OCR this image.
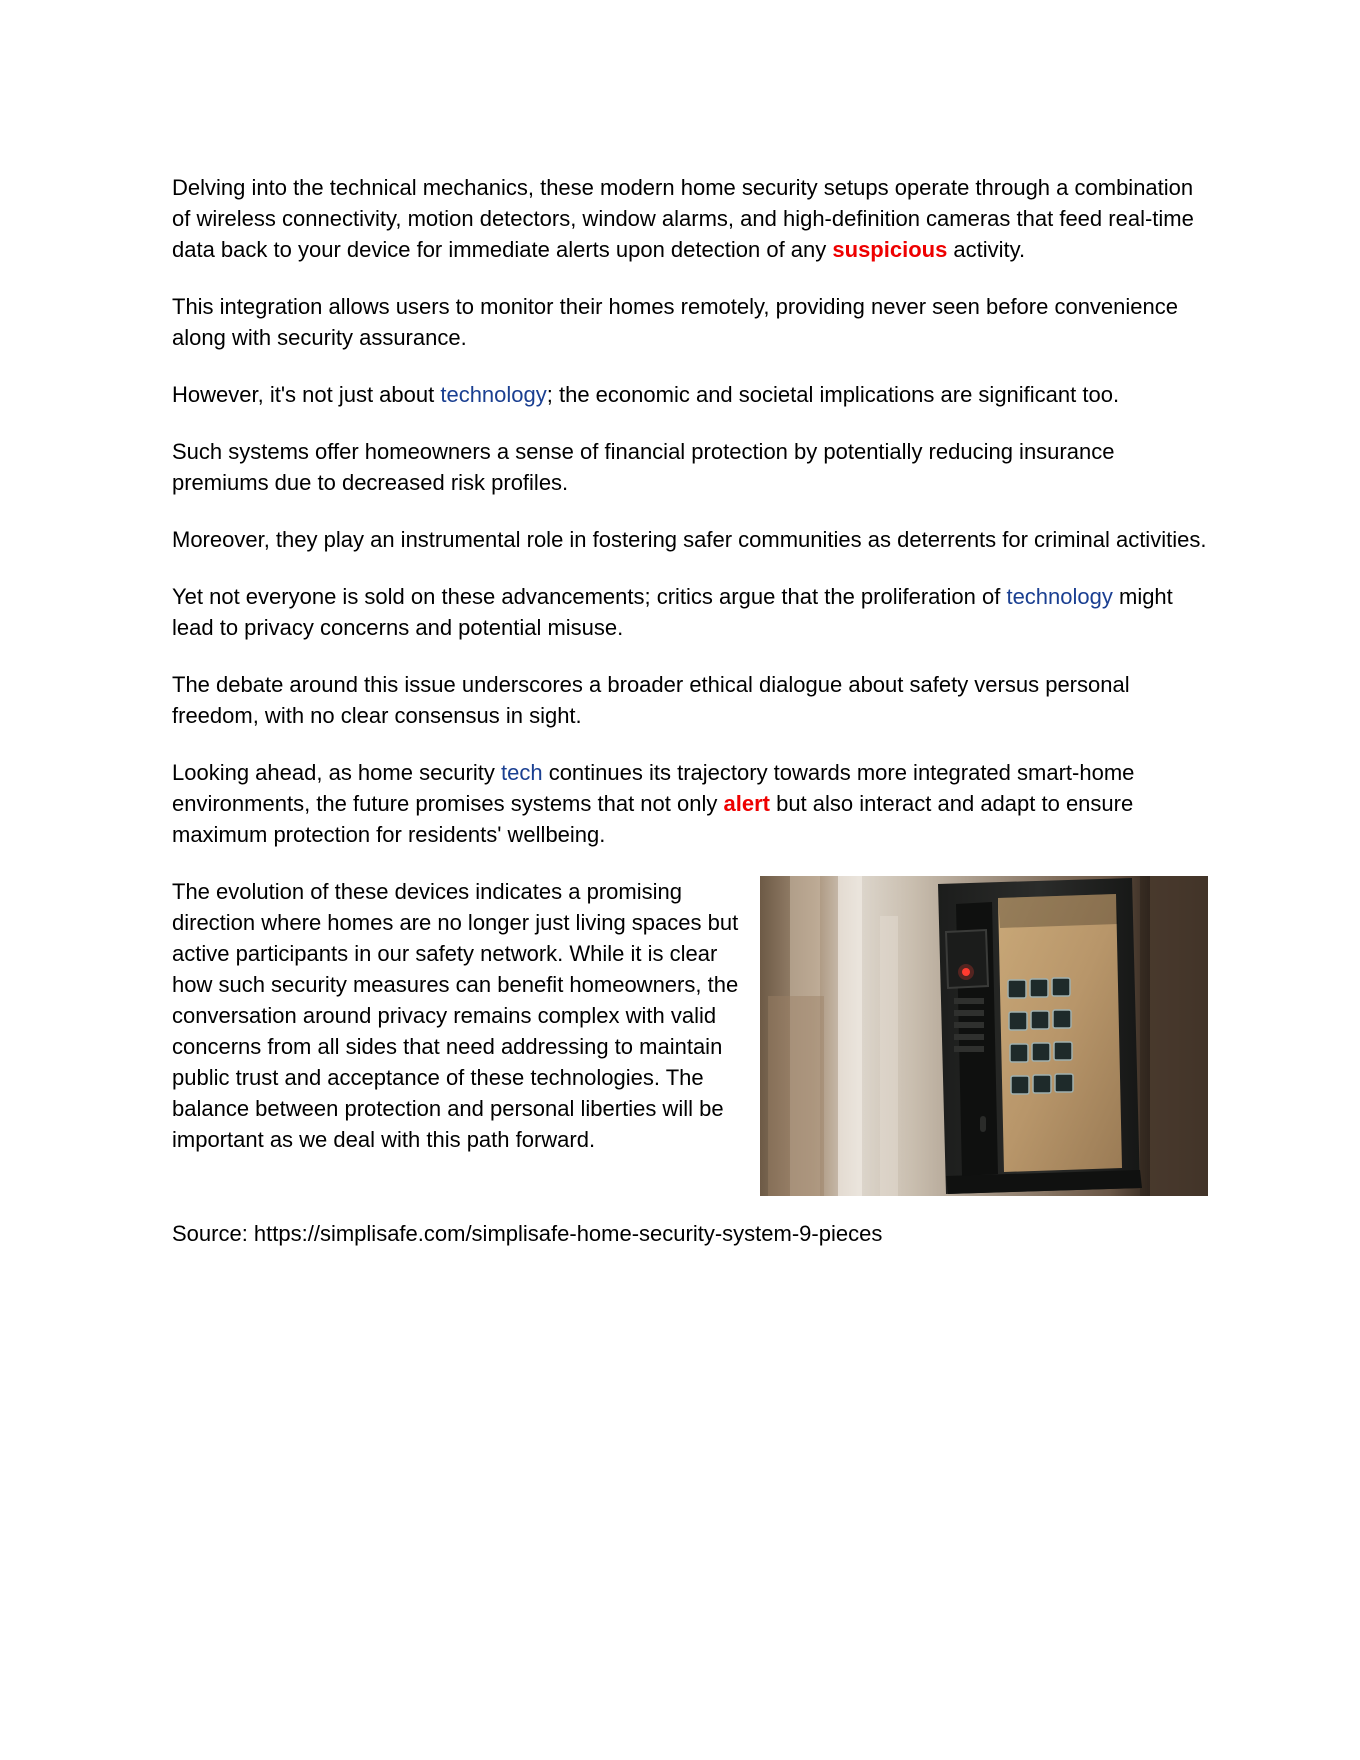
Delving into the technical mechanics, these modern home security setups operate through a combination of wireless connectivity, motion detectors, window alarms, and high-definition cameras that feed real-time data back to your device for immediate alerts upon detection of any suspicious activity.

This integration allows users to monitor their homes remotely, providing never seen before convenience along with security assurance.

However, it's not just about technology; the economic and societal implications are significant too.

Such systems offer homeowners a sense of financial protection by potentially reducing insurance premiums due to decreased risk profiles.

Moreover, they play an instrumental role in fostering safer communities as deterrents for criminal activities.

Yet not everyone is sold on these advancements; critics argue that the proliferation of technology might lead to privacy concerns and potential misuse.

The debate around this issue underscores a broader ethical dialogue about safety versus personal freedom, with no clear consensus in sight.

Looking ahead, as home security tech continues its trajectory towards more integrated smart-home environments, the future promises systems that not only alert but also interact and adapt to ensure maximum protection for residents' wellbeing.

The evolution of these devices indicates a promising direction where homes are no longer just living spaces but active participants in our safety network. While it is clear how such security measures can benefit homeowners, the conversation around privacy remains complex with valid concerns from all sides that need addressing to maintain public trust and acceptance of these technologies. The balance between protection and personal liberties will be important as we deal with this path forward.

Source: https://simplisafe.com/simplisafe-home-security-system-9-pieces
